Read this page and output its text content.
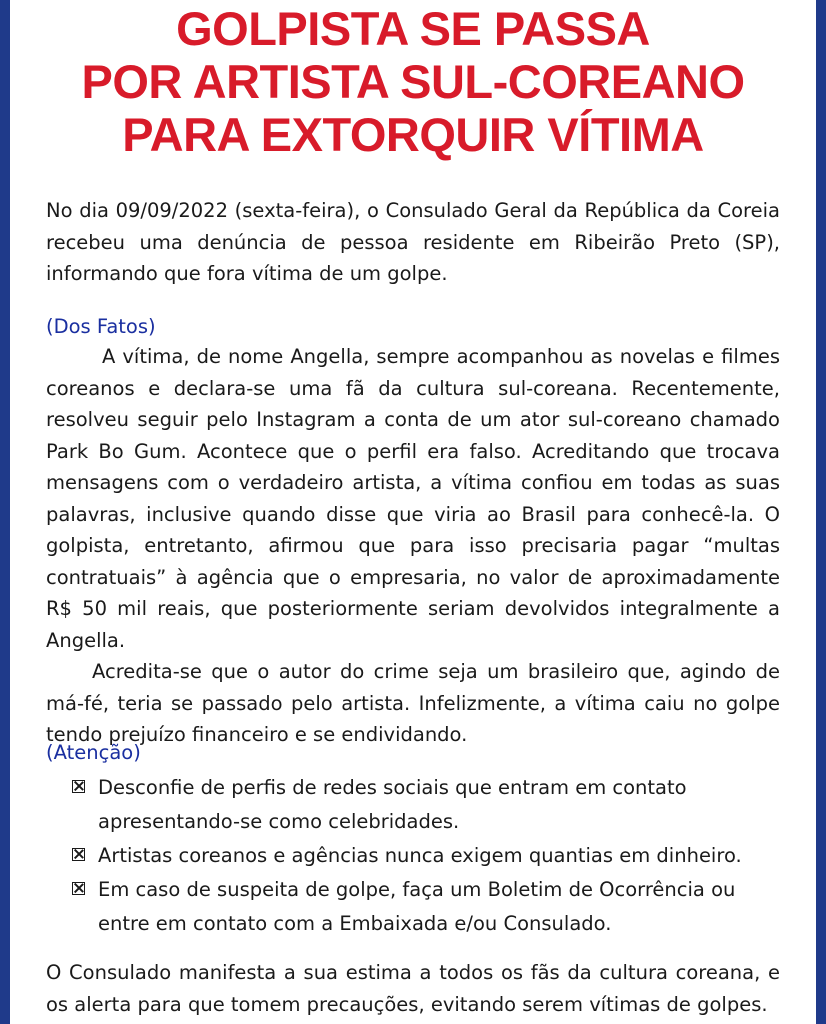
GOLPISTA SE PASSA
POR ARTISTA SUL-COREANO
PARA EXTORQUIR VÍTIMA
No dia 09/09/2022 (sexta-feira), o Consulado Geral da República da Coreia recebeu uma denúncia de pessoa residente em Ribeirão Preto (SP), informando que fora vítima de um golpe.
(Dos Fatos)

A vítima, de nome Angella, sempre acompanhou as novelas e filmes coreanos e declara-se uma fã da cultura sul-coreana. Recentemente, resolveu seguir pelo Instagram a conta de um ator sul-coreano chamado Park Bo Gum. Acontece que o perfil era falso. Acreditando que trocava mensagens com o verdadeiro artista, a vítima confiou em todas as suas palavras, inclusive quando disse que viria ao Brasil para conhecê-la. O golpista, entretanto, afirmou que para isso precisaria pagar “multas contratuais” à agência que o empresaria, no valor de aproximadamente R$ 50 mil reais, que posteriormente seriam devolvidos integralmente a Angella.

Acredita-se que o autor do crime seja um brasileiro que, agindo de má-fé, teria se passado pelo artista. Infelizmente, a vítima caiu no golpe tendo prejuízo financeiro e se endividando.

(Atenção)
Desconfie de perfis de redes sociais que entram em contato apresentando-se como celebridades.
Artistas coreanos e agências nunca exigem quantias em dinheiro.
Em caso de suspeita de golpe, faça um Boletim de Ocorrência ou entre em contato com a Embaixada e/ou Consulado.
O Consulado manifesta a sua estima a todos os fãs da cultura coreana, e os alerta para que tomem precauções, evitando serem vítimas de golpes.
